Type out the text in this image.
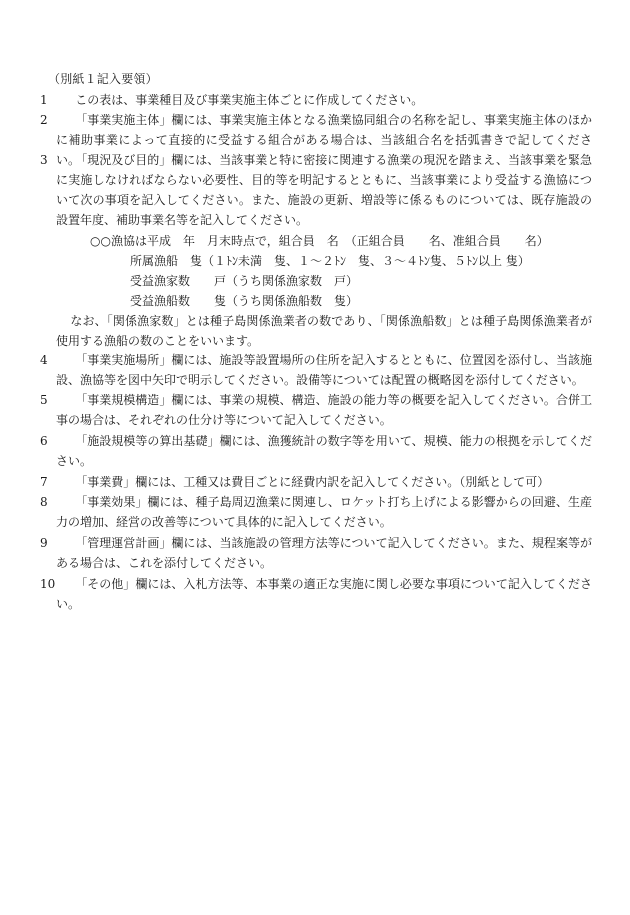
（別紙１記入要領）
1	この表は、事業種目及び事業実施主体ごとに作成してください。
2	「事業実施主体」欄には、事業実施主体となる漁業協同組合の名称を記し、事業実施主体のほかに補助事業によって直接的に受益する組合がある場合は、当該組合名を括弧書きで記してください。
3	「現況及び目的」欄には、当該事業と特に密接に関連する漁業の現況を踏まえ、当該事業を緊急に実施しなければならない必要性、目的等を明記するとともに、当該事業により受益する漁協について次の事項を記入してください。また、施設の更新、増設等に係るものについては、既存施設の設置年度、補助事業名等を記入してください。
○○漁協は平成　年　月末時点で，組合員　名　（正組合員　　名、准組合員　　名）
所属漁船　隻（１ﾄﾝ未満　隻、１～２ﾄﾝ　隻、３～４ﾄﾝ隻、５ﾄﾝ以上 隻）
受益漁家数　　戸（うち関係漁家数　戸）
受益漁船数　　隻（うち関係漁船数　隻）
なお、「関係漁家数」とは種子島関係漁業者の数であり、「関係漁船数」とは種子島関係漁業者が使用する漁船の数のことをいいます。
4	「事業実施場所」欄には、施設等設置場所の住所を記入するとともに、位置図を添付し、当該施設、漁協等を図中矢印で明示してください。設備等については配置の概略図を添付してください。
5	「事業規模構造」欄には、事業の規模、構造、施設の能力等の概要を記入してください。合併工事の場合は、それぞれの仕分け等について記入してください。
6	「施設規模等の算出基礎」欄には、漁獲統計の数字等を用いて、規模、能力の根拠を示してください。
7	「事業費」欄には、工種又は費目ごとに経費内訳を記入してください。（別紙として可）
8	「事業効果」欄には、種子島周辺漁業に関連し、ロケット打ち上げによる影響からの回避、生産力の増加、経営の改善等について具体的に記入してください。
9	「管理運営計画」欄には、当該施設の管理方法等について記入してください。また、規程案等がある場合は、これを添付してください。
10	「その他」欄には、入札方法等、本事業の適正な実施に関し必要な事項について記入してください。
